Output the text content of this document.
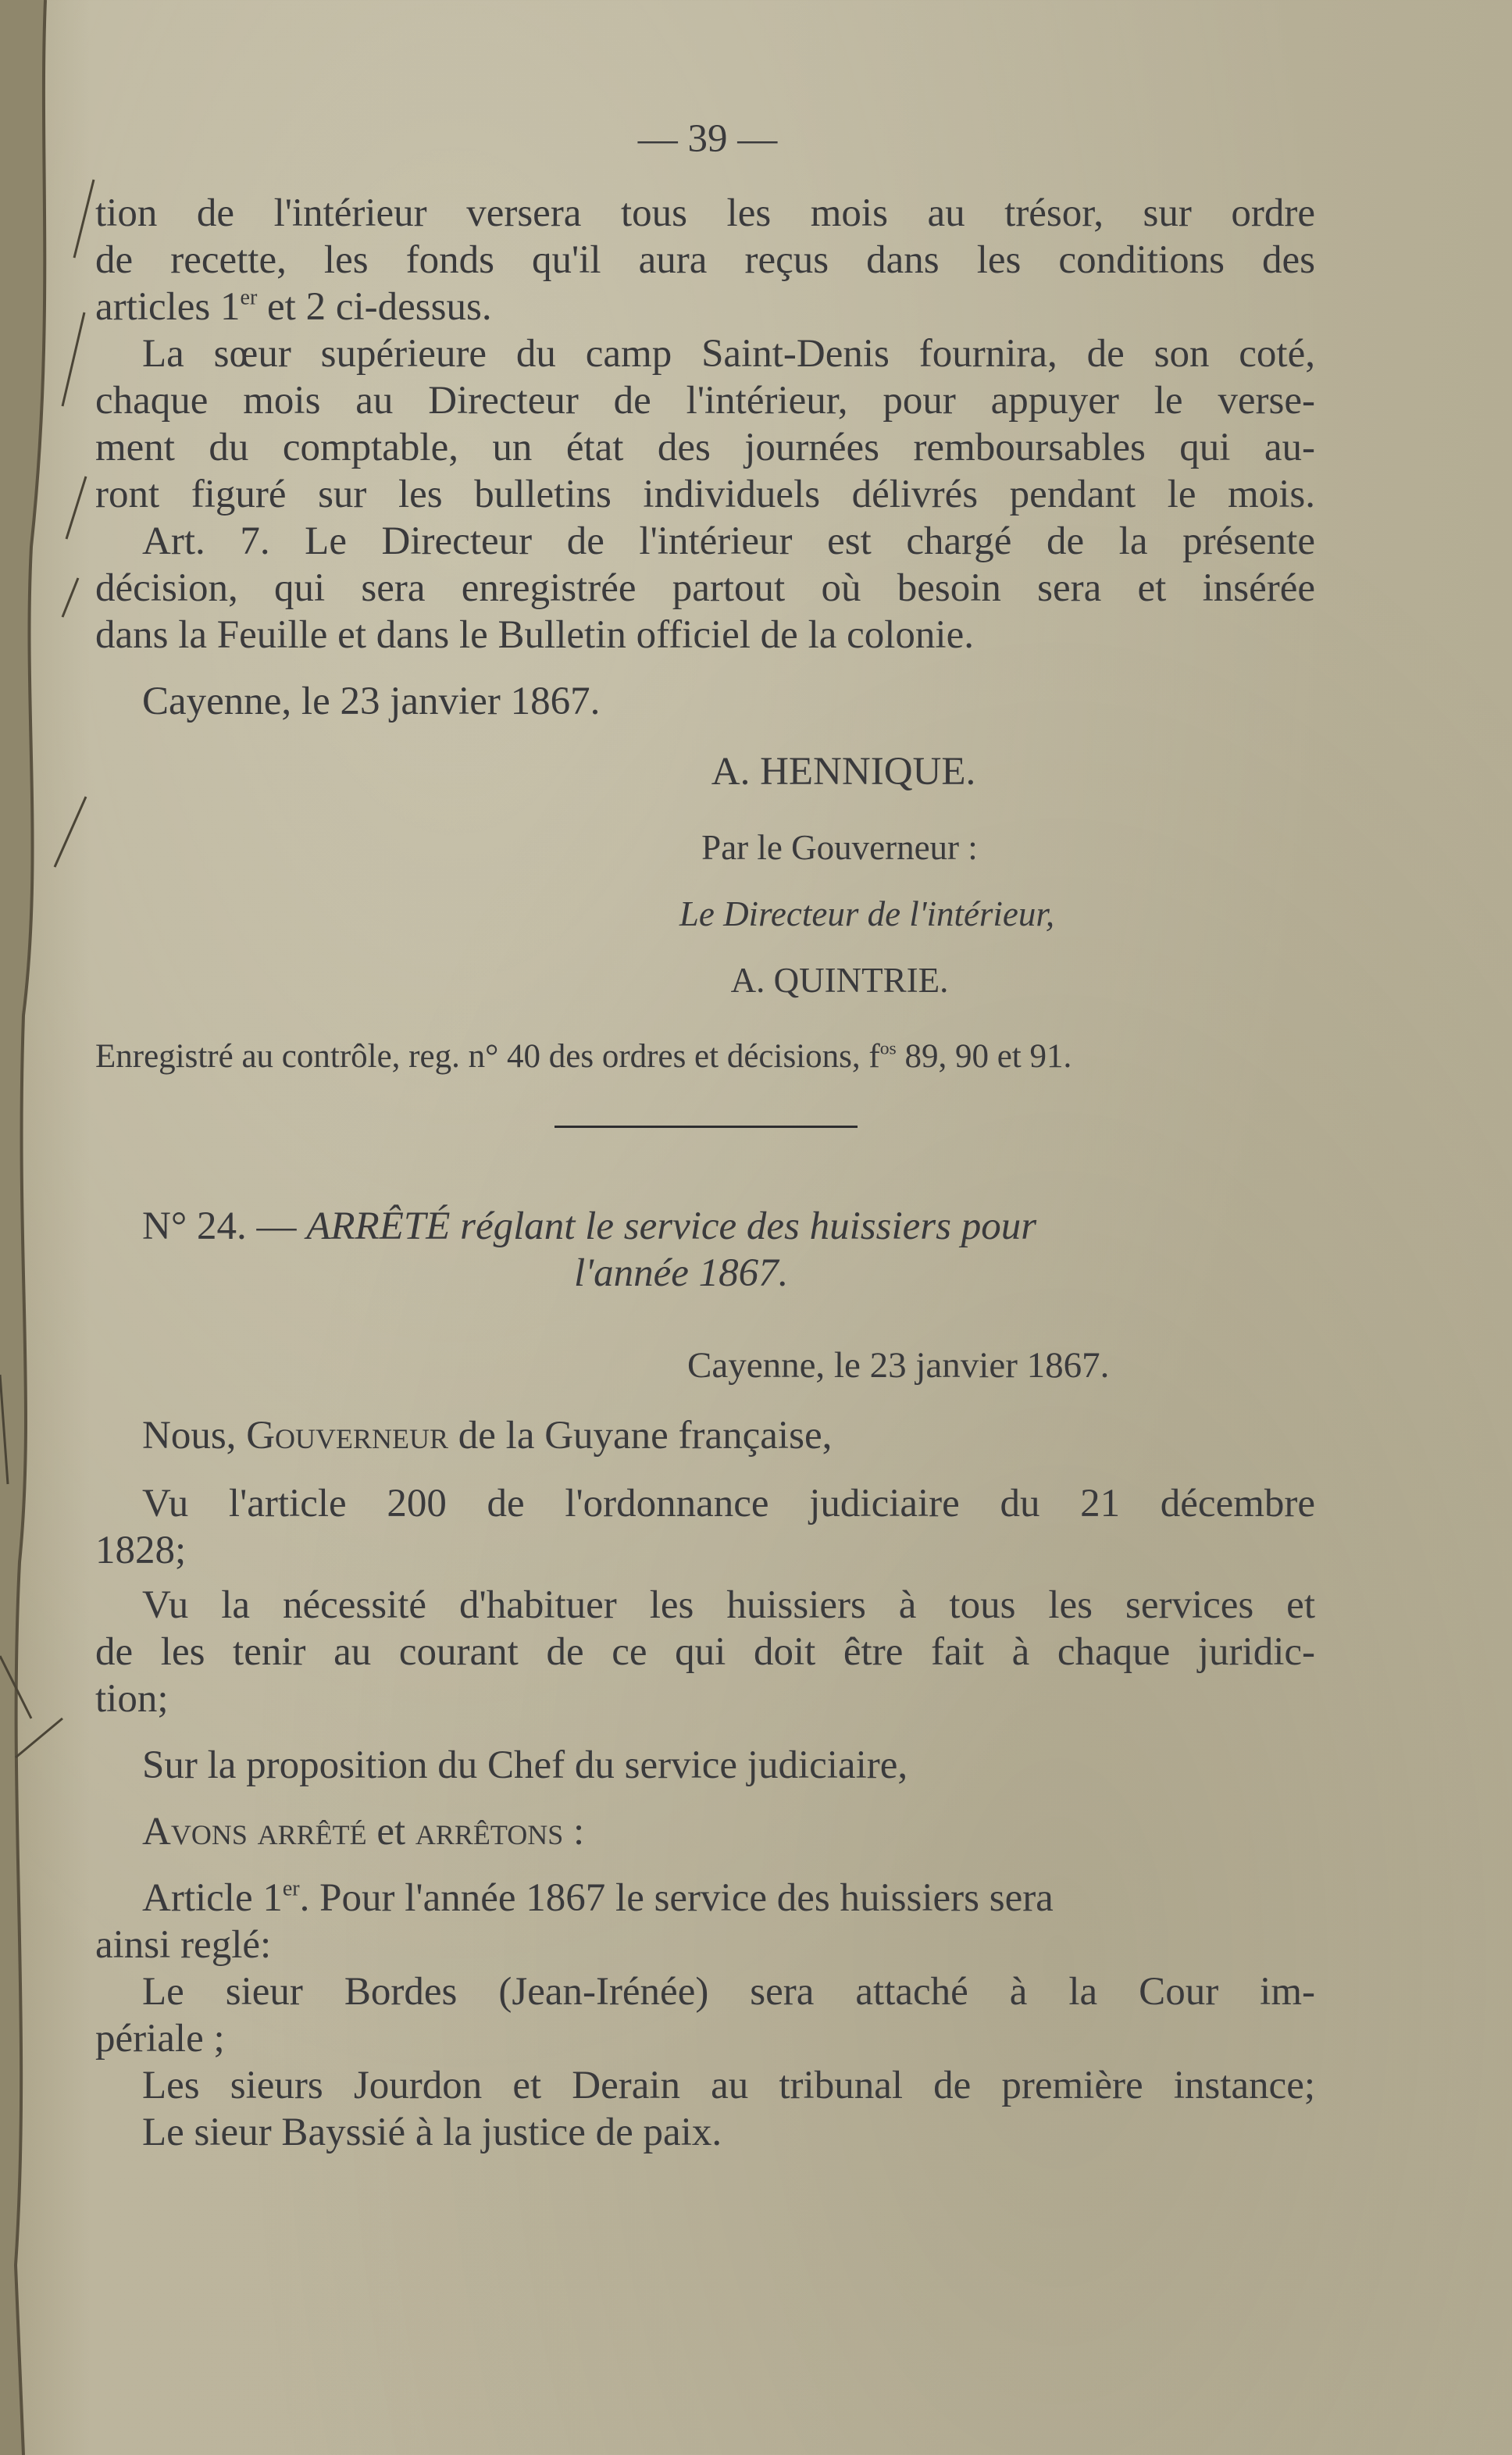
— 39 —
tion de l'intérieur versera tous les mois au trésor, sur ordre
de recette, les fonds qu'il aura reçus dans les conditions des
articles 1er et 2 ci-dessus.
La sœur supérieure du camp Saint-Denis fournira, de son coté,
chaque mois au Directeur de l'intérieur, pour appuyer le verse-
ment du comptable, un état des journées remboursables qui au-
ront figuré sur les bulletins individuels délivrés pendant le mois.
Art. 7. Le Directeur de l'intérieur est chargé de la présente
décision, qui sera enregistrée partout où besoin sera et insérée
dans la Feuille et dans le Bulletin officiel de la colonie.
Cayenne, le 23 janvier 1867.
A. HENNIQUE.
Par le Gouverneur :
Le Directeur de l'intérieur,
A. QUINTRIE.
Enregistré au contrôle, reg. n° 40 des ordres et décisions, $f^{os}$ 89, 90 et 91.
N° 24. — ARRÊTÉ réglant le service des huissiers pour
l'année 1867.
Cayenne, le 23 janvier 1867.
Nous, Gouverneur de la Guyane française,
Vu l'article 200 de l'ordonnance judiciaire du 21 décembre
1828;
Vu la nécessité d'habituer les huissiers à tous les services et
de les tenir au courant de ce qui doit être fait à chaque juridic-
tion;
Sur la proposition du Chef du service judiciaire,
Avons arrêté et arrêtons :
Article 1er. Pour l'année 1867 le service des huissiers sera
ainsi reglé:
Le sieur Bordes (Jean-Irénée) sera attaché à la Cour im-
périale ;
Les sieurs Jourdon et Derain au tribunal de première instance;
Le sieur Bayssié à la justice de paix.
